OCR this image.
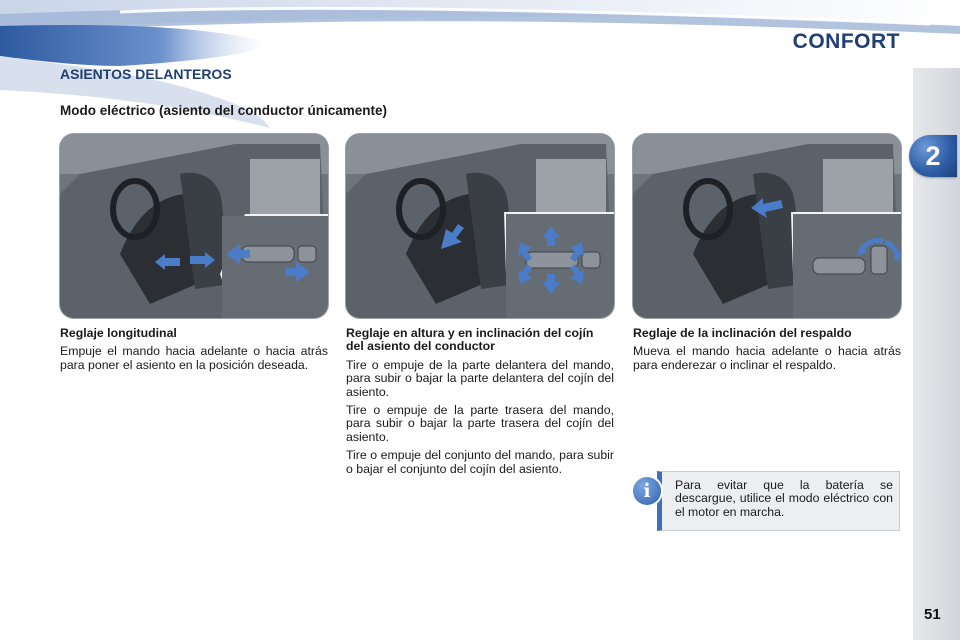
CONFORT
2
ASIENTOS DELANTEROS
Modo eléctrico (asiento del conductor únicamente)
Reglaje longitudinal

Empuje el mando hacia adelante o hacia atrás para poner el asiento en la posición deseada.

Reglaje en altura y en inclinación del cojín del asiento del conductor

Tire o empuje de la parte delantera del mando, para subir o bajar la parte delantera del cojín del asiento.

Tire o empuje de la parte trasera del mando, para subir o bajar la parte trasera del cojín del asiento.

Tire o empuje del conjunto del mando, para subir o bajar el conjunto del cojín del asiento.

Reglaje de la inclinación del respaldo

Mueva el mando hacia adelante o hacia atrás para enderezar o inclinar el respaldo.

i	Para evitar que la batería se descargue, utilice el modo eléctrico con el motor en marcha.
51
